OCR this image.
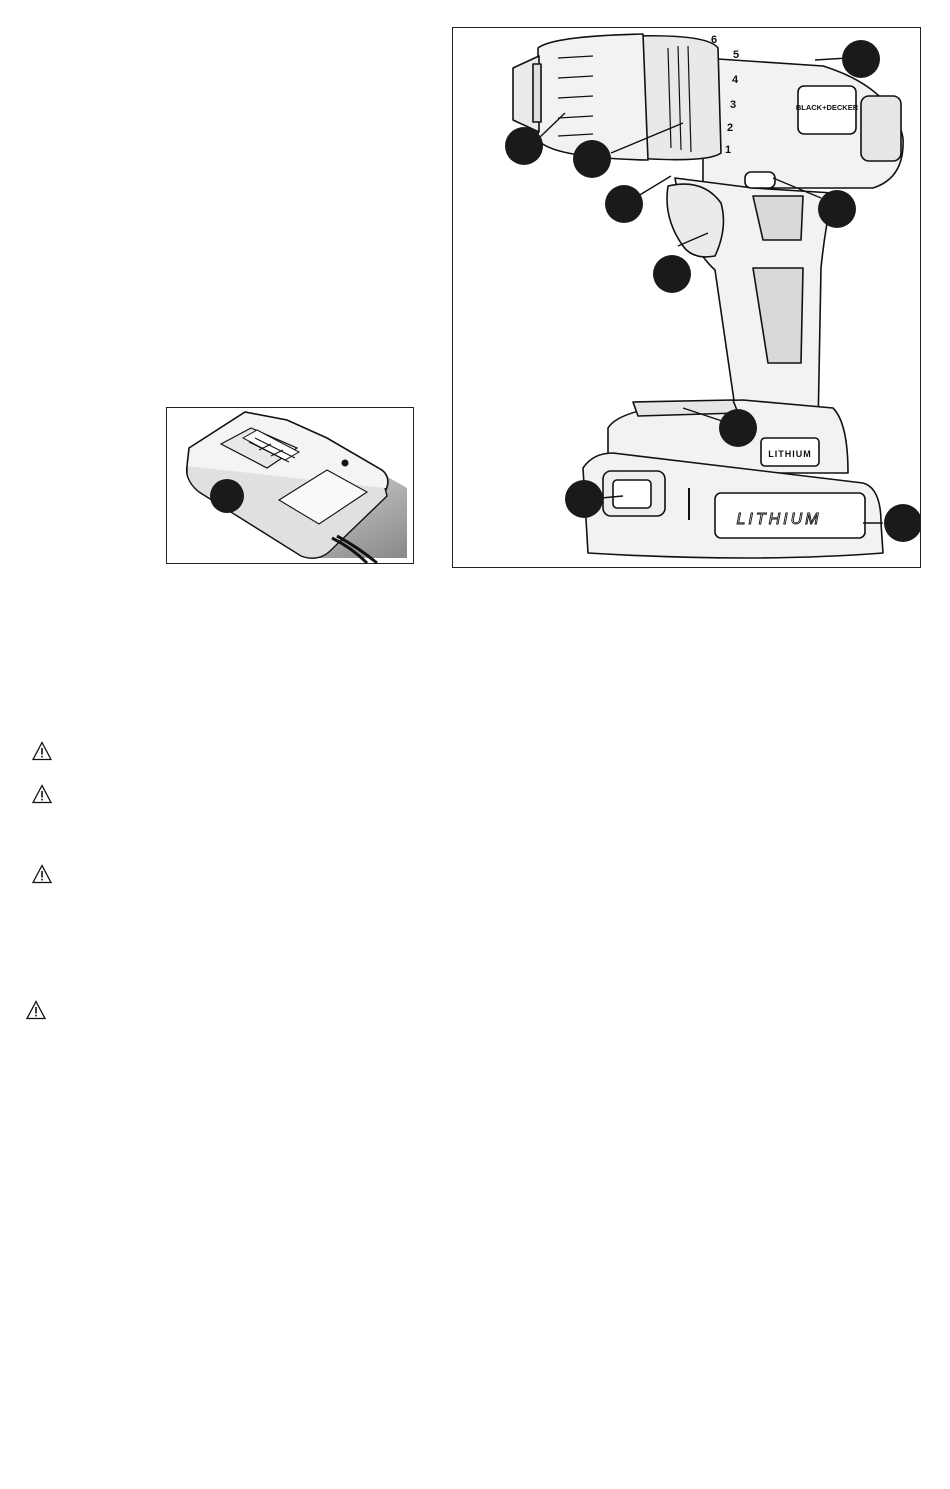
1
2
3
4
5
6
BLACK+DECKER
LITHIUM
LITHIUM
